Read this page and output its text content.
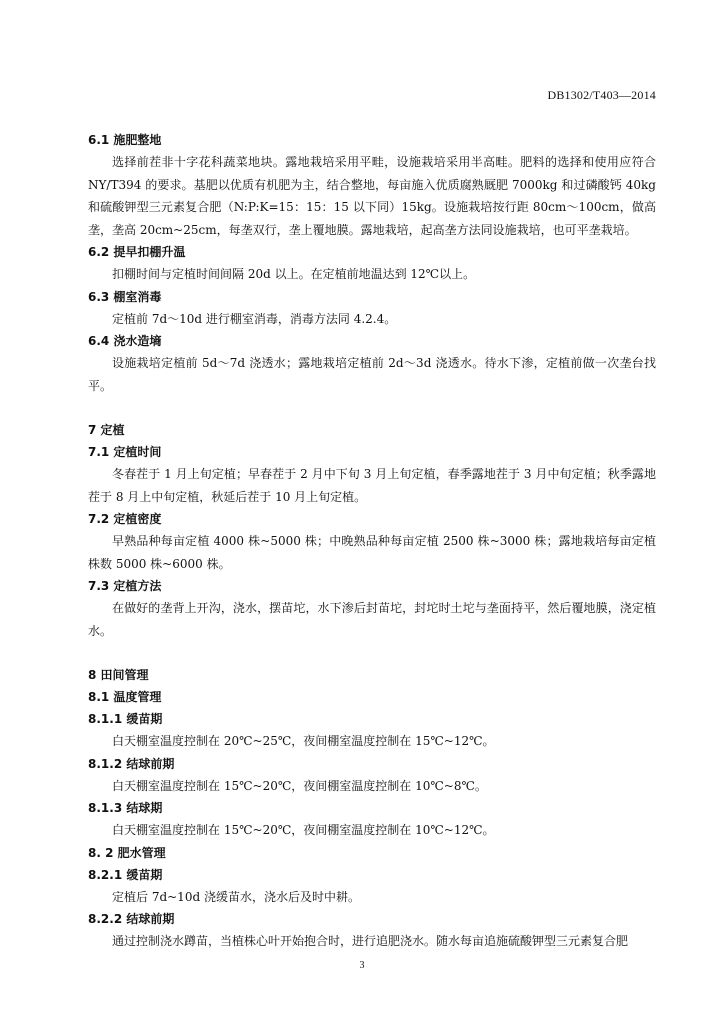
DB1302/T403—2014
6.1 施肥整地

选择前茬非十字花科蔬菜地块。露地栽培采用平畦，设施栽培采用半高畦。肥料的选择和使用应符合 NY/T394 的要求。基肥以优质有机肥为主，结合整地，每亩施入优质腐熟厩肥 7000kg 和过磷酸钙 40kg 和硫酸钾型三元素复合肥（N:P:K=15：15：15 以下同）15kg。设施栽培按行距 80cm～100cm，做高垄，垄高 20cm~25cm，每垄双行，垄上覆地膜。露地栽培，起高垄方法同设施栽培，也可平垄栽培。

6.2 提早扣棚升温

扣棚时间与定植时间间隔 20d 以上。在定植前地温达到 12℃以上。

6.3 棚室消毒

定植前 7d～10d 进行棚室消毒，消毒方法同 4.2.4。

6.4 浇水造墒

设施栽培定植前 5d～7d 浇透水；露地栽培定植前 2d～3d 浇透水。待水下渗，定植前做一次垄台找平。

7 定植
7.1 定植时间

冬春茬于 1 月上旬定植；早春茬于 2 月中下旬 3 月上旬定植，春季露地茬于 3 月中旬定植；秋季露地茬于 8 月上中旬定植，秋延后茬于 10 月上旬定植。

7.2 定植密度

早熟品种每亩定植 4000 株~5000 株；中晚熟品种每亩定植 2500 株~3000 株；露地栽培每亩定植株数 5000 株~6000 株。

7.3 定植方法

在做好的垄背上开沟，浇水，摆苗坨，水下渗后封苗坨，封坨时土坨与垄面持平，然后覆地膜，浇定植水。

8 田间管理
8.1 温度管理
8.1.1 缓苗期

白天棚室温度控制在 20℃~25℃，夜间棚室温度控制在 15℃~12℃。

8.1.2 结球前期

白天棚室温度控制在 15℃~20℃，夜间棚室温度控制在 10℃~8℃。

8.1.3 结球期

白天棚室温度控制在 15℃~20℃，夜间棚室温度控制在 10℃~12℃。

8. 2 肥水管理
8.2.1 缓苗期

定植后 7d~10d 浇缓苗水，浇水后及时中耕。

8.2.2 结球前期

通过控制浇水蹲苗，当植株心叶开始抱合时，进行追肥浇水。随水每亩追施硫酸钾型三元素复合肥

3
